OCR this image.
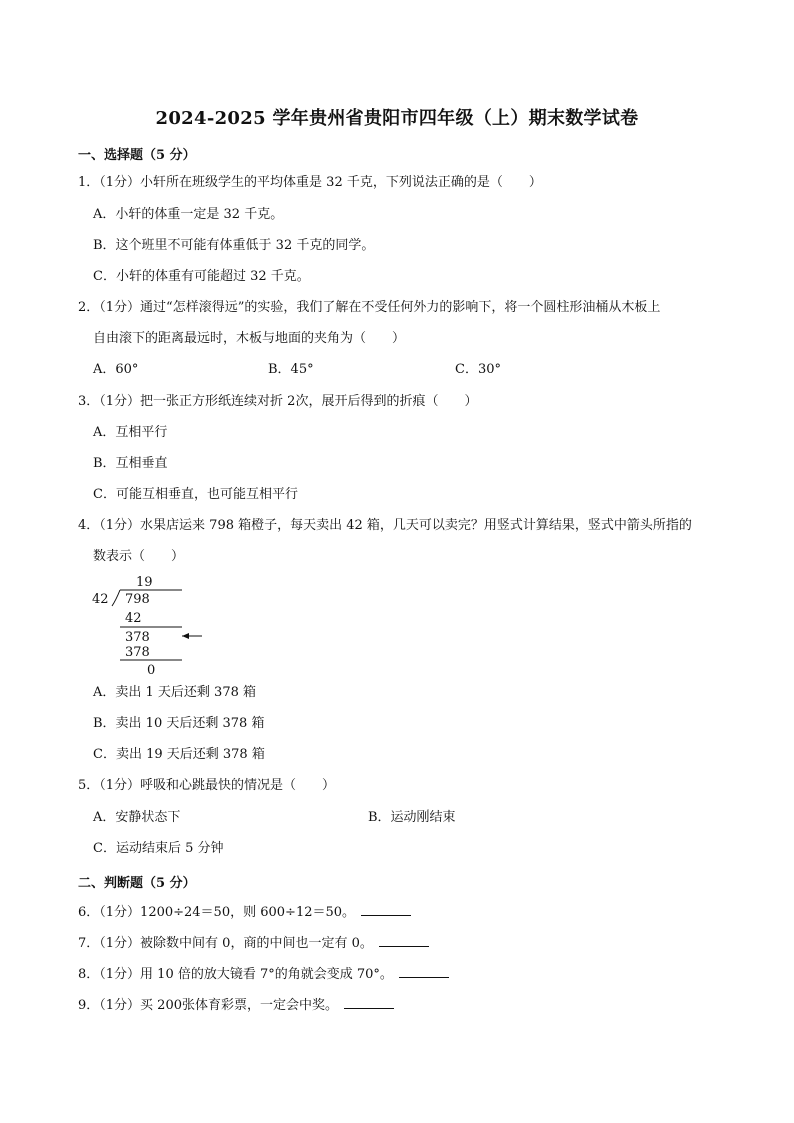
2024-2025 学年贵州省贵阳市四年级（上）期末数学试卷
一、选择题（5 分）
1．（1分）小轩所在班级学生的平均体重是 32 千克，下列说法正确的是（　　）
A．小轩的体重一定是 32 千克。
B．这个班里不可能有体重低于 32 千克的同学。
C．小轩的体重有可能超过 32 千克。
2．（1分）通过“怎样滚得远”的实验，我们了解在不受任何外力的影响下，将一个圆柱形油桶从木板上
自由滚下的距离最远时，木板与地面的夹角为（　　）
A．60°	B．45°	C．30°
3．（1分）把一张正方形纸连续对折 2次，展开后得到的折痕（　　）
A．互相平行
B．互相垂直
C．可能互相垂直，也可能互相平行
4．（1分）水果店运来 798 箱橙子，每天卖出 42 箱，几天可以卖完？用竖式计算结果，竖式中箭头所指的
数表示（　　）
19
42 798
42
378
378
0
A．卖出 1 天后还剩 378 箱
B．卖出 10 天后还剩 378 箱
C．卖出 19 天后还剩 378 箱
5．（1分）呼吸和心跳最快的情况是（　　）
A．安静状态下	B．运动刚结束
C．运动结束后 5 分钟
二、判断题（5 分）
6．（1分）1200÷24＝50，则 600÷12＝50。
7．（1分）被除数中间有 0，商的中间也一定有 0。
8．（1分）用 10 倍的放大镜看 7°的角就会变成 70°。
9．（1分）买 200张体育彩票，一定会中奖。
